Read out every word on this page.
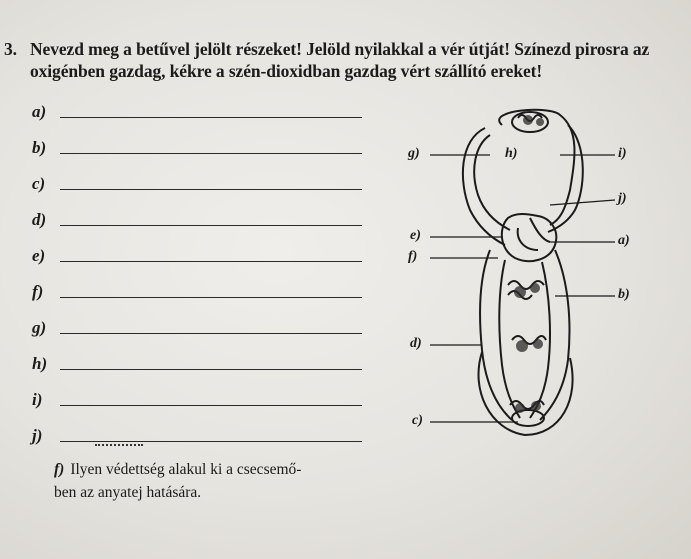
3. Nevezd meg a betűvel jelölt részeket! Jelöld nyilakkal a vér útját! Színezd pirosra az
oxigénben gazdag, kékre a szén-dioxidban gazdag vért szállító ereket!
a)
b)
c)
d)
e)
f)
g)
h)
i)
j)
f) Ilyen védettség alakul ki a csecsemő-
ben az anyatej hatására.
g)	h)	i)
j)
e)
f)
a)
b)
d)
c)
